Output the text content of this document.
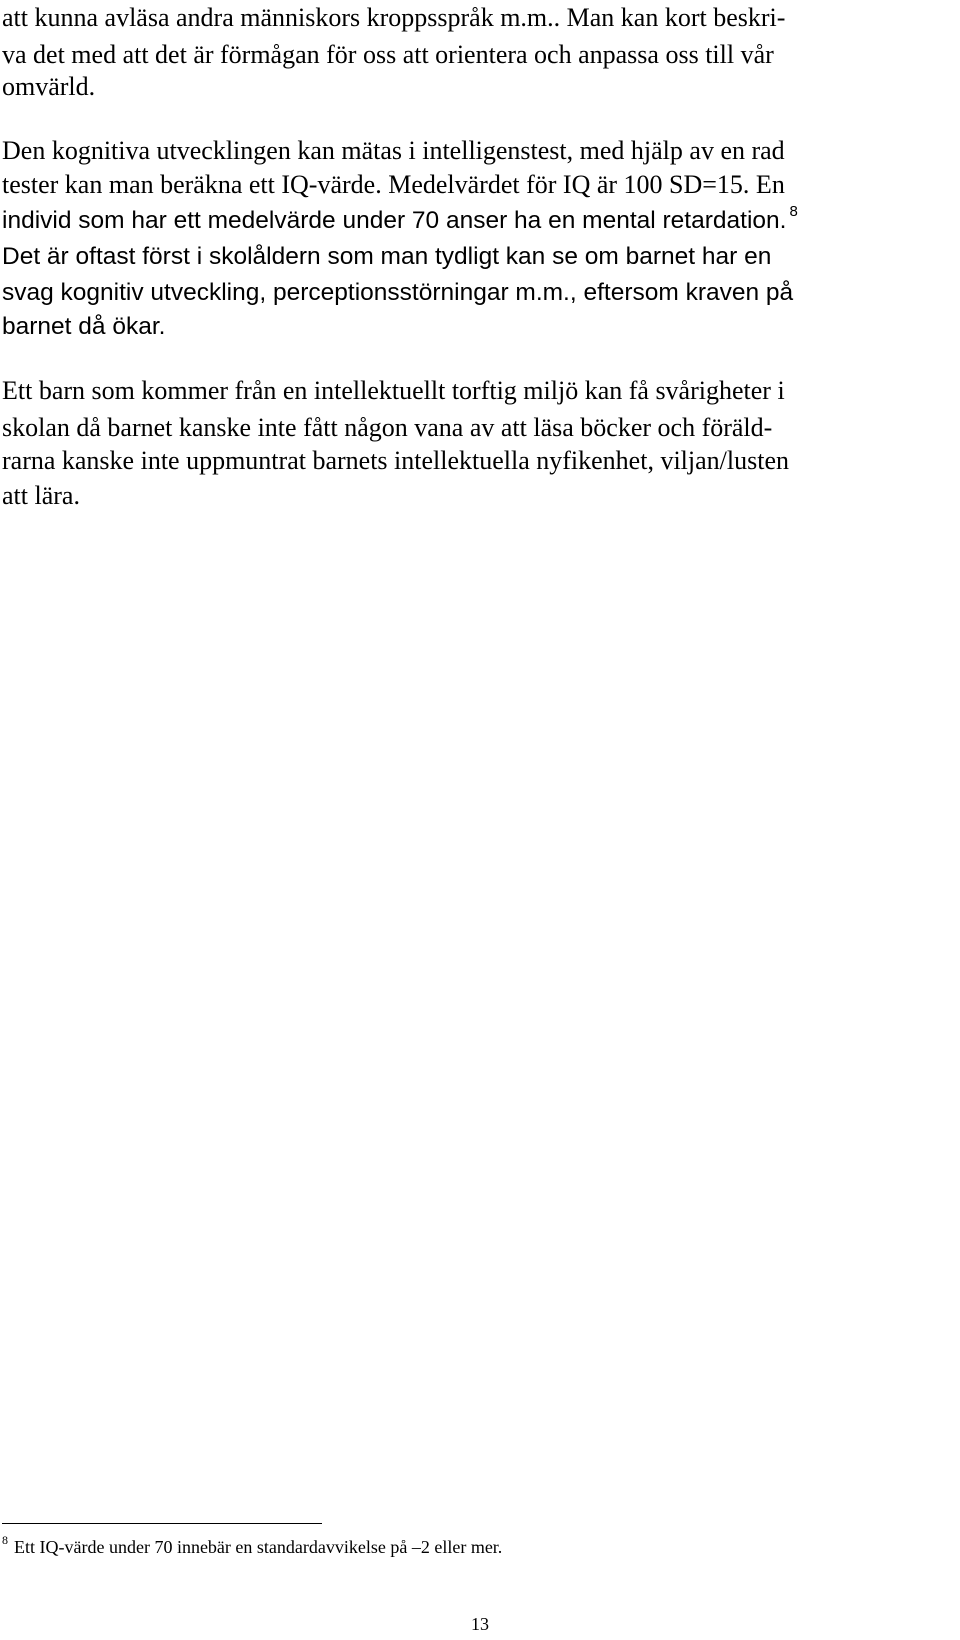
att kunna avläsa andra människors kroppsspråk m.m.. Man kan kort beskri-
va det med att det är förmågan för oss att orientera och anpassa oss till vår
omvärld.
Den kognitiva utvecklingen kan mätas i intelligenstest, med hjälp av en rad
tester kan man beräkna ett IQ-värde. Medelvärdet för IQ är 100 SD=15. En
individ som har ett medelvärde under 70 anser ha en mental retardation. $^8$
Det är oftast först i skolåldern som man tydligt kan se om barnet har en
svag kognitiv utveckling, perceptionsstörningar m.m., eftersom kraven på
barnet då ökar.
Ett barn som kommer från en intellektuellt torftig miljö kan få svårigheter i
skolan då barnet kanske inte fått någon vana av att läsa böcker och föräld-
rarna kanske inte uppmuntrat barnets intellektuella nyfikenhet, viljan/lusten
att lära.
$^8$ Ett IQ-värde under 70 innebär en standardavvikelse på –2 eller mer.
13
